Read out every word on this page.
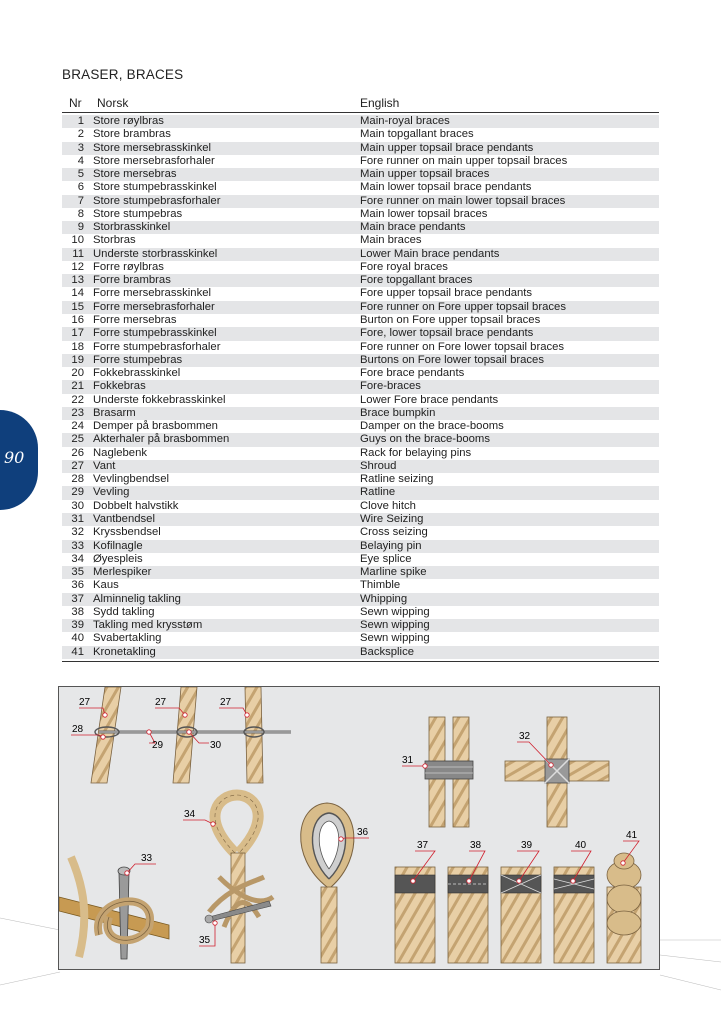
BRASER, BRACES
Nr Norsk	English
1 Store røylbras	Main-royal braces
2 Store brambras	Main topgallant braces
3 Store mersebrasskinkel	Main upper topsail brace pendants
4 Store mersebrasforhaler	Fore runner on main upper topsail braces
5 Store mersebras	Main upper topsail braces
6 Store stumpebrasskinkel	Main lower topsail brace pendants
7 Store stumpebrasforhaler	Fore runner on main lower topsail braces
8 Store stumpebras	Main lower topsail braces
9 Storbrasskinkel	Main brace pendants
10 Storbras	Main braces
11 Underste storbrasskinkel	Lower Main brace pendants
12 Forre røylbras	Fore royal braces
13 Forre brambras	Fore topgallant braces
14 Forre mersebrasskinkel	Fore upper topsail brace pendants
15 Forre mersebrasforhaler	Fore runner on Fore upper topsail braces
16 Forre mersebras	Burton on Fore upper topsail braces
17 Forre stumpebrasskinkel	Fore, lower topsail brace pendants
18 Forre stumpebrasforhaler	Fore runner on Fore lower topsail braces
19 Forre stumpebras	Burtons on Fore lower topsail braces
20 Fokkebrasskinkel	Fore brace pendants
21 Fokkebras	Fore-braces
22 Underste fokkebrasskinkel	Lower Fore brace pendants
23 Brasarm	Brace bumpkin
24 Demper på brasbommen	Damper on the brace-booms
25 Akterhaler på brasbommen	Guys on the brace-booms
26 Naglebenk	Rack for belaying pins
27 Vant	Shroud
28 Vevlingbendsel	Ratline seizing
29 Vevling	Ratline
30 Dobbelt halvstikk	Clove hitch
31 Vantbendsel	Wire Seizing
32 Kryssbendsel	Cross seizing
33 Kofilnagle	Belaying pin
34 Øyespleis	Eye splice
35 Merlespiker	Marline spike
36 Kaus	Thimble
37 Alminnelig takling	Whipping
38 Sydd takling	Sewn wipping
39 Takling med krysstøm	Sewn wipping
40 Svabertakling	Sewn wipping
41 Kronetakling	Backsplice
90
27	27	27
28
29	30
31
32
33
34
35
36
37	38	39	40
41
